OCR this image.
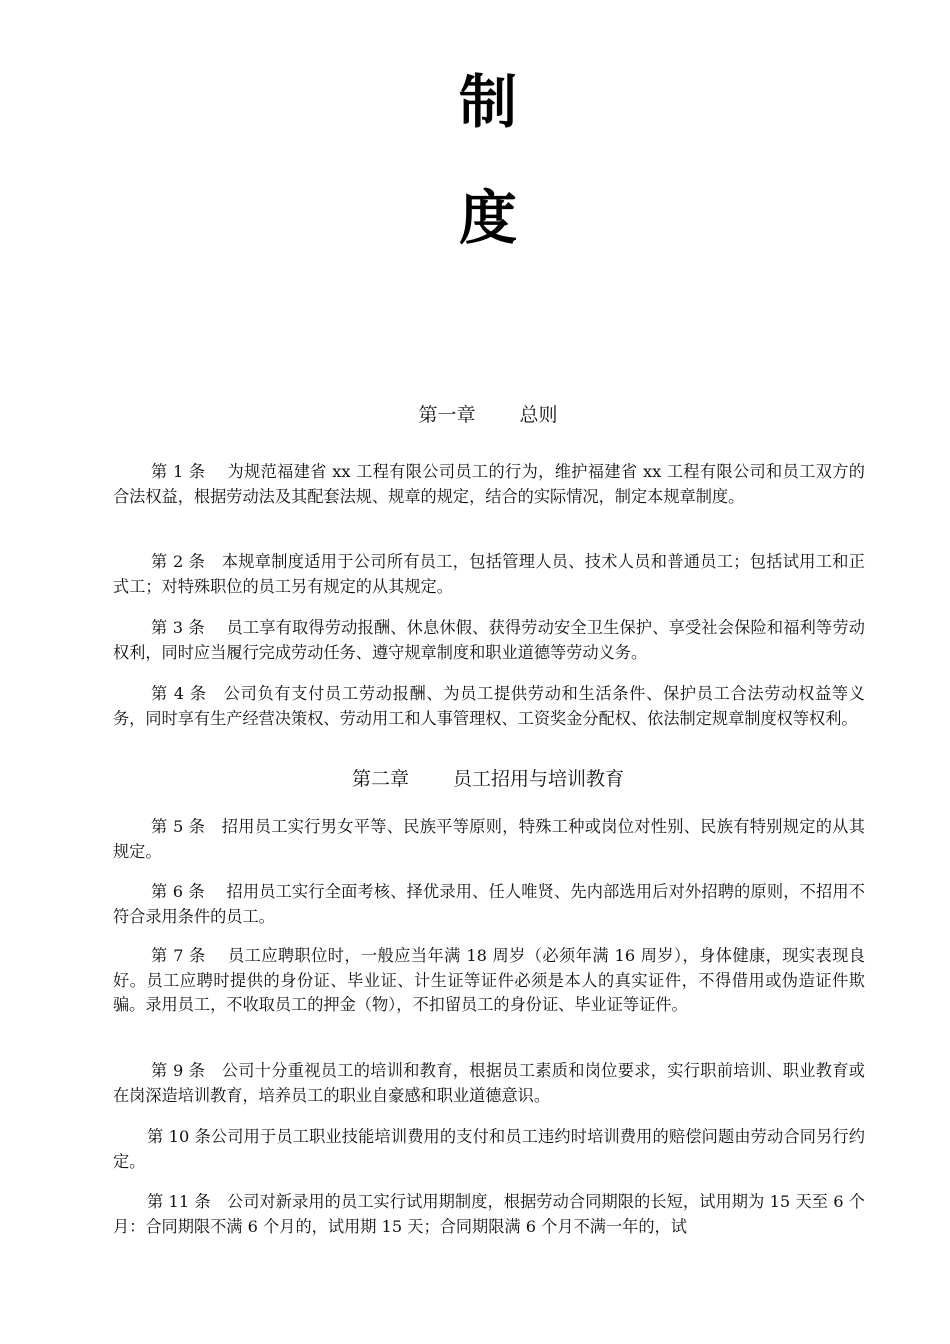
制
度
第一章 总则

第 1 条　 为规范福建省 xx 工程有限公司员工的行为，维护福建省 xx 工程有限公司和员工双方的合法权益，根据劳动法及其配套法规、规章的规定，结合的实际情况，制定本规章制度。

第 2 条　本规章制度适用于公司所有员工，包括管理人员、技术人员和普通员工；包括试用工和正式工；对特殊职位的员工另有规定的从其规定。

第 3 条　 员工享有取得劳动报酬、休息休假、获得劳动安全卫生保护、享受社会保险和福利等劳动权利，同时应当履行完成劳动任务、遵守规章制度和职业道德等劳动义务。

第 4 条　公司负有支付员工劳动报酬、为员工提供劳动和生活条件、保护员工合法劳动权益等义务，同时享有生产经营决策权、劳动用工和人事管理权、工资奖金分配权、依法制定规章制度权等权利。

第二章 员工招用与培训教育

第 5 条　招用员工实行男女平等、民族平等原则，特殊工种或岗位对性别、民族有特别规定的从其规定。

第 6 条　 招用员工实行全面考核、择优录用、任人唯贤、先内部选用后对外招聘的原则，不招用不符合录用条件的员工。

第 7 条　 员工应聘职位时，一般应当年满 18 周岁（必须年满 16 周岁），身体健康，现实表现良好。员工应聘时提供的身份证、毕业证、计生证等证件必须是本人的真实证件，不得借用或伪造证件欺骗。录用员工，不收取员工的押金（物），不扣留员工的身份证、毕业证等证件。

第 9 条　公司十分重视员工的培训和教育，根据员工素质和岗位要求，实行职前培训、职业教育或在岗深造培训教育，培养员工的职业自豪感和职业道德意识。

第 10 条公司用于员工职业技能培训费用的支付和员工违约时培训费用的赔偿问题由劳动合同另行约定。

第 11 条　公司对新录用的员工实行试用期制度，根据劳动合同期限的长短，试用期为 15 天至 6 个月：合同期限不满 6 个月的，试用期 15 天；合同期限满 6 个月不满一年的，试
